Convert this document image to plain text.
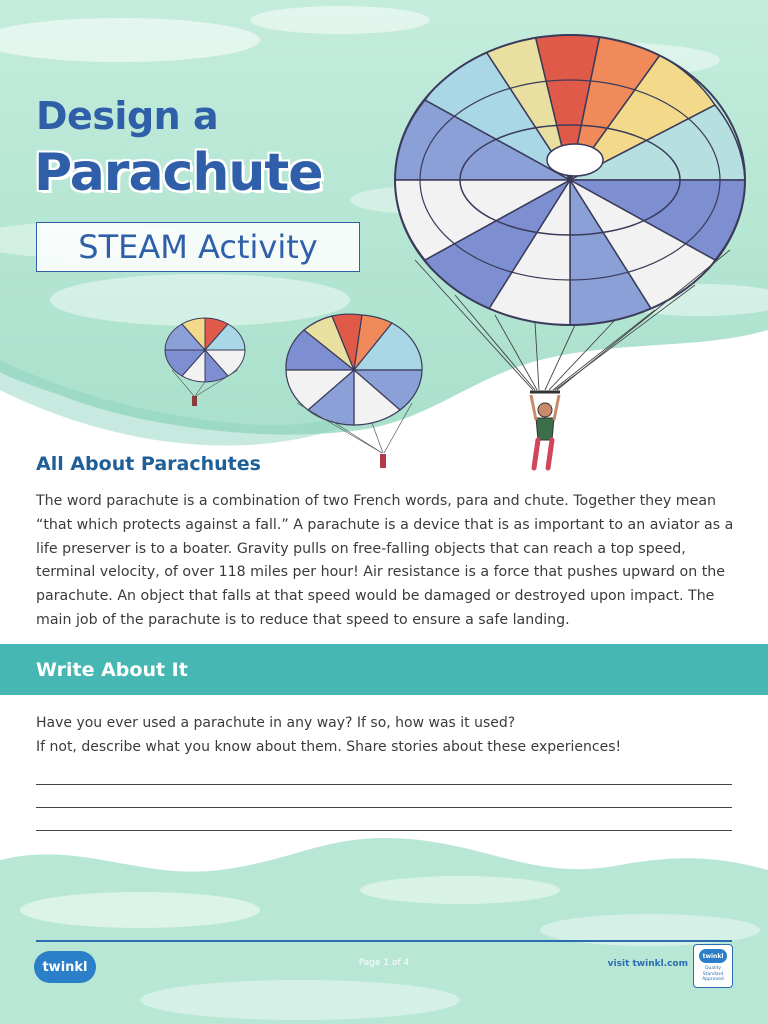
Design a
Parachute
STEAM Activity
All About Parachutes

The word parachute is a combination of two French words, para and chute. Together they mean “that which protects against a fall.” A parachute is a device that is as important to an aviator as a life preserver is to a boater. Gravity pulls on free-falling objects that can reach a top speed, terminal velocity, of over 118 miles per hour! Air resistance is a force that pushes upward on the parachute. An object that falls at that speed would be damaged or destroyed upon impact. The main job of the parachute is to reduce that speed to ensure a safe landing.

Write About It
Have you ever used a parachute in any way? If so, how was it used?
If not, describe what you know about them. Share stories about these experiences!
twinkl	Page 1 of 4	visit twinkl.com
twinkl
Quality Standard Approved
